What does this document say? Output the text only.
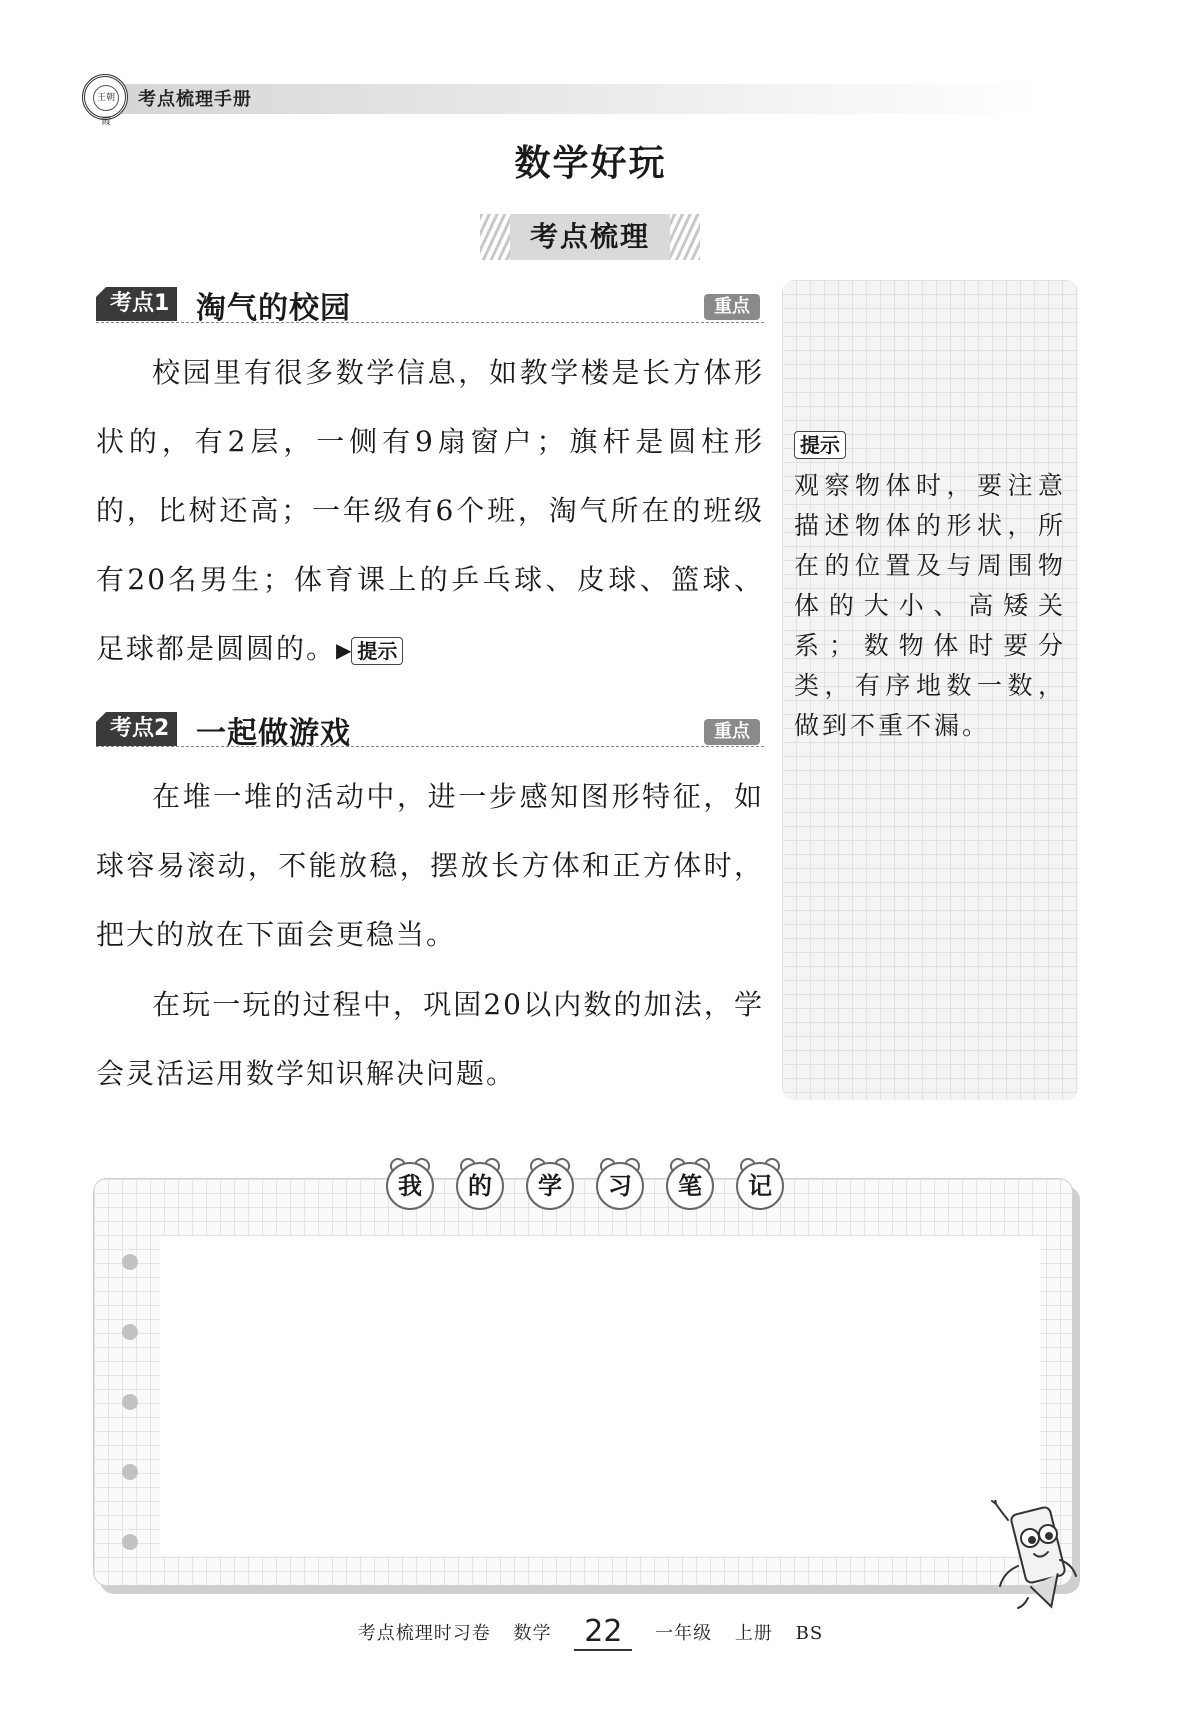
王朝霞
考点梳理手册
数学好玩
考点梳理
考点1 淘气的校园	重点

校园里有很多数学信息，如教学楼是长方体形状的，有2层，一侧有9扇窗户；旗杆是圆柱形的，比树还高；一年级有6个班，淘气所在的班级有20名男生；体育课上的乒乓球、皮球、篮球、足球都是圆圆的。▶ 提示

考点2 一起做游戏	重点

在堆一堆的活动中，进一步感知图形特征，如球容易滚动，不能放稳，摆放长方体和正方体时，把大的放在下面会更稳当。

在玩一玩的过程中，巩固20以内数的加法，学会灵活运用数学知识解决问题。

提示

观察物体时，要注意描述物体的形状，所在的位置及与周围物体的大小、高矮关系；数物体时要分类，有序地数一数，做到不重不漏。

我	的	学	习	笔	记
考点梳理时习卷 数学 22 一年级 上册 BS
